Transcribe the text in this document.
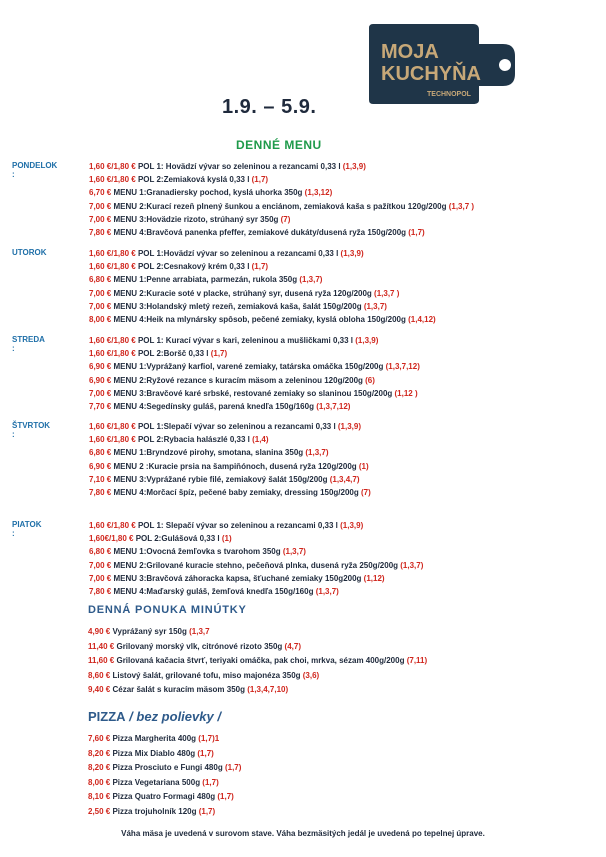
MOJA
KUCHYŇA
TECHNOPOL
1.9. – 5.9.
DENNÉ MENU
PONDELOK :
1,60 €/1,80 € POL 1: Hovädzí vývar so zeleninou a rezancami 0,33 l (1,3,9)
1,60 €/1,80 € POL 2:Zemiaková kyslá 0,33 l (1,7)
6,70 € MENU 1:Granadiersky pochod, kyslá uhorka 350g (1,3,12)
7,00 € MENU 2:Kurací rezeň plnený šunkou a enciánom, zemiaková kaša s pažítkou 120g/200g (1,3,7 )
7,00 € MENU 3:Hovädzie rizoto, strúhaný syr 350g (7)
7,80 € MENU 4:Bravčová panenka pfeffer, zemiakové dukáty/dusená ryža 150g/200g (1,7)
UTOROK	1,60 €/1,80 € POL 1:Hovädzí vývar so zeleninou a rezancami 0,33 l (1,3,9)
1,60 €/1,80 € POL 2:Cesnakový krém 0,33 l (1,7)
6,80 € MENU 1:Penne arrabiata, parmezán, rukola 350g (1,3,7)
7,00 € MENU 2:Kuracie soté v placke, strúhaný syr, dusená ryža 120g/200g (1,3,7 )
7,00 € MENU 3:Holandský mletý rezeň, zemiaková kaša, šalát 150g/200g (1,3,7)
8,00 € MENU 4:Heik na mlynársky spôsob, pečené zemiaky, kyslá obloha 150g/200g (1,4,12)
STREDA :
1,60 €/1,80 € POL 1: Kurací vývar s kari, zeleninou a mušličkami 0,33 l (1,3,9)
1,60 €/1,80 € POL 2:Boršč 0,33 l (1,7)
6,90 € MENU 1:Vyprážaný karfiol, varené zemiaky, tatárska omáčka 150g/200g (1,3,7,12)
6,90 € MENU 2:Ryžové rezance s kuracím mäsom a zeleninou 120g/200g (6)
7,00 € MENU 3:Bravčové karé srbské, restované zemiaky so slaninou 150g/200g (1,12 )
7,70 € MENU 4:Segedínsky guláš, parená knedľa 150g/160g (1,3,7,12)
ŠTVRTOK :
1,60 €/1,80 € POL 1:Slepačí vývar so zeleninou a rezancami 0,33 l (1,3,9)
1,60 €/1,80 € POL 2:Rybacia halászlé 0,33 l (1,4)
6,80 € MENU 1:Bryndzové pirohy, smotana, slanina 350g (1,3,7)
6,90 € MENU 2 :Kuracie prsia na šampiňónoch, dusená ryža 120g/200g (1)
7,10 € MENU 3:Vyprážané rybie filé, zemiakový šalát 150g/200g (1,3,4,7)
7,80 € MENU 4:Morčací špíz, pečené baby zemiaky, dressing 150g/200g (7)
PIATOK :
1,60 €/1,80 € POL 1: Slepačí vývar so zeleninou a rezancami 0,33 l (1,3,9)
1,60€/1,80 € POL 2:Gulášová 0,33 l (1)
6,80 € MENU 1:Ovocná žemľovka s tvarohom 350g (1,3,7)
7,00 € MENU 2:Grilované kuracie stehno, pečeňová plnka, dusená ryža 250g/200g (1,3,7)
7,00 € MENU 3:Bravčová záhoracka kapsa, šťuchané zemiaky 150g200g (1,12)
7,80 € MENU 4:Maďarský guláš, žemľová knedľa 150g/160g (1,3,7)
DENNÁ PONUKA MINÚTKY
4,90 € Vyprážaný syr 150g (1,3,7
11,40 € Grilovaný morský vlk, citrónové rizoto 350g (4,7)
11,60 € Grilovaná kačacia štvrť, teriyaki omáčka, pak choi, mrkva, sézam 400g/200g (7,11)
8,60 € Listový šalát, grilované tofu, miso majonéza 350g (3,6)
9,40 € Cézar šalát s kuracím mäsom 350g (1,3,4,7,10)
PIZZA / bez polievky /
7,60 € Pizza Margherita 400g (1,7)1
8,20 € Pizza Mix Diablo 480g (1,7)
8,20 € Pizza Prosciuto e Fungi 480g (1,7)
8,00 € Pizza Vegetariana 500g (1,7)
8,10 € Pizza Quatro Formagi 480g (1,7)
2,50 € Pizza trojuholník 120g (1,7)
Váha mäsa je uvedená v surovom stave. Váha bezmäsitých jedál je uvedená po tepelnej úprave.
